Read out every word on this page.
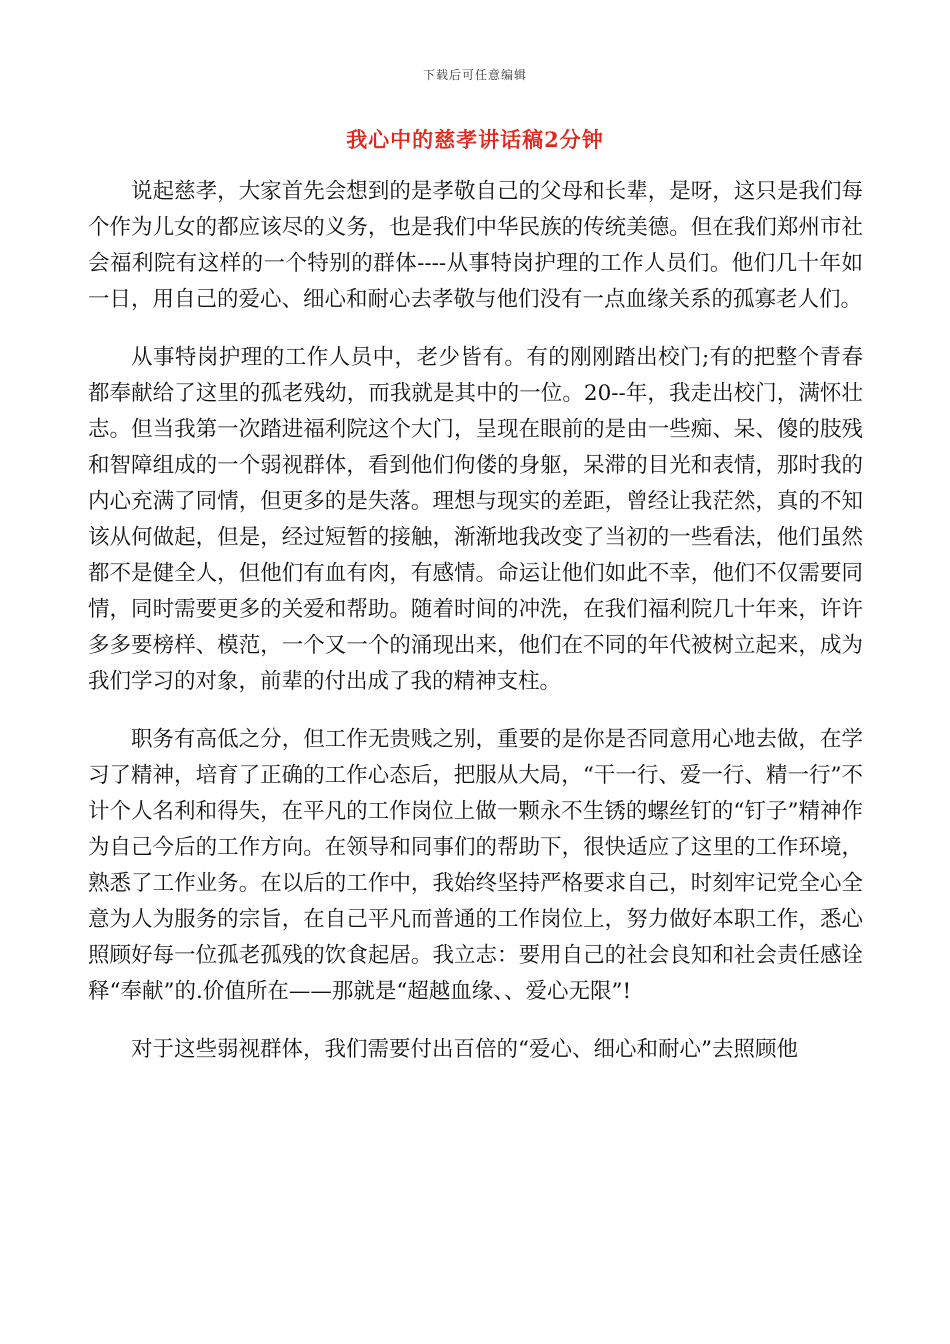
下载后可任意编辑
我心中的慈孝讲话稿2分钟

说起慈孝，大家首先会想到的是孝敬自己的父母和长辈，是呀，这只是我们每个作为儿女的都应该尽的义务，也是我们中华民族的传统美德。但在我们郑州市社会福利院有这样的一个特别的群体----从事特岗护理的工作人员们。他们几十年如一日，用自己的爱心、细心和耐心去孝敬与他们没有一点血缘关系的孤寡老人们。

从事特岗护理的工作人员中，老少皆有。有的刚刚踏出校门;有的把整个青春都奉献给了这里的孤老残幼，而我就是其中的一位。20--年，我走出校门，满怀壮志。但当我第一次踏进福利院这个大门，呈现在眼前的是由一些痴、呆、傻的肢残和智障组成的一个弱视群体，看到他们佝偻的身躯，呆滞的目光和表情，那时我的内心充满了同情，但更多的是失落。理想与现实的差距，曾经让我茫然，真的不知该从何做起，但是，经过短暂的接触，渐渐地我改变了当初的一些看法，他们虽然都不是健全人，但他们有血有肉，有感情。命运让他们如此不幸，他们不仅需要同情，同时需要更多的关爱和帮助。随着时间的冲洗，在我们福利院几十年来，许许多多要榜样、模范，一个又一个的涌现出来，他们在不同的年代被树立起来，成为我们学习的对象，前辈的付出成了我的精神支柱。

职务有高低之分，但工作无贵贱之别，重要的是你是否同意用心地去做，在学习了精神，培育了正确的工作心态后，把服从大局，“干一行、爱一行、精一行”不计个人名利和得失，在平凡的工作岗位上做一颗永不生锈的螺丝钉的“钉子”精神作为自己今后的工作方向。在领导和同事们的帮助下，很快适应了这里的工作环境，熟悉了工作业务。在以后的工作中，我始终坚持严格要求自己，时刻牢记党全心全意为人为服务的宗旨，在自己平凡而普通的工作岗位上，努力做好本职工作，悉心照顾好每一位孤老孤残的饮食起居。我立志：要用自己的社会良知和社会责任感诠释“奉献”的.价值所在——那就是“超越血缘、、爱心无限”!

对于这些弱视群体，我们需要付出百倍的“爱心、细心和耐心”去照顾他
